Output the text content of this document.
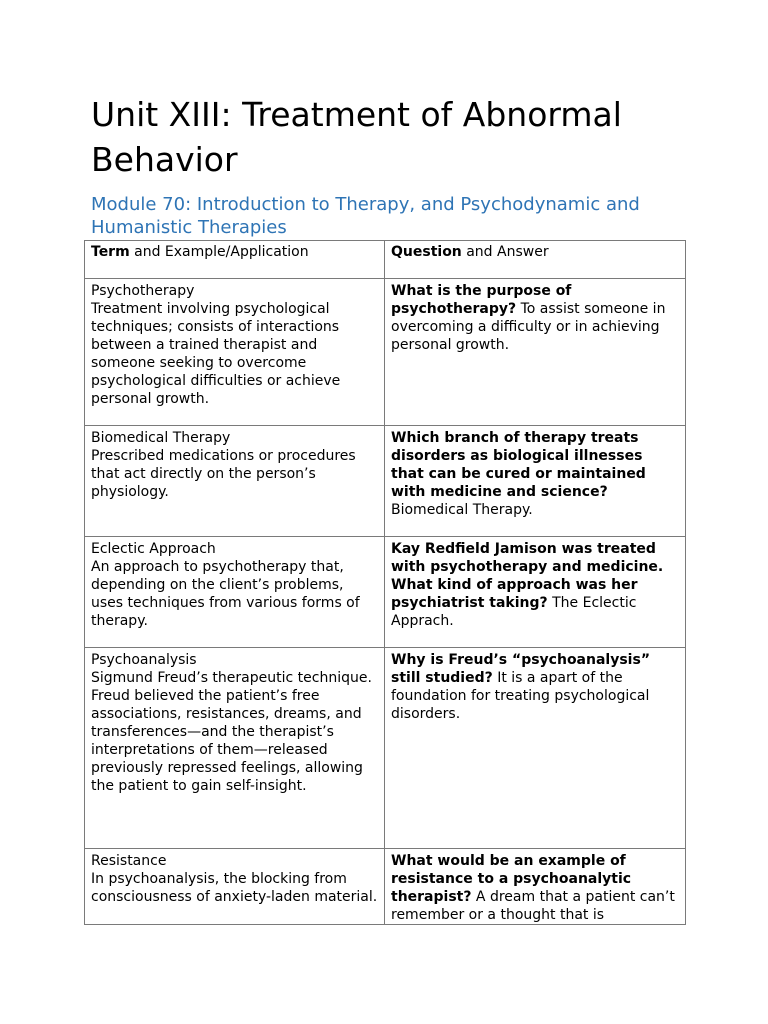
Unit XIII: Treatment of Abnormal Behavior
Module 70: Introduction to Therapy, and Psychodynamic and Humanistic Therapies
Term and Example/Application	Question and Answer

Psychotherapy
Treatment involving psychological techniques; consists of interactions between a trained therapist and someone seeking to overcome psychological difficulties or achieve personal growth.	What is the purpose of psychotherapy? To assist someone in overcoming a difficulty or in achieving personal growth.

Biomedical Therapy
Prescribed medications or procedures that act directly on the person’s physiology.	Which branch of therapy treats disorders as biological illnesses that can be cured or maintained with medicine and science? Biomedical Therapy.

Eclectic Approach
An approach to psychotherapy that, depending on the client’s problems, uses techniques from various forms of therapy.	Kay Redfield Jamison was treated with psychotherapy and medicine. What kind of approach was her psychiatrist taking? The Eclectic Apprach.

Psychoanalysis
Sigmund Freud’s therapeutic technique. Freud believed the patient’s free associations, resistances, dreams, and transferences—and the therapist’s interpretations of them—released previously repressed feelings, allowing the patient to gain self-insight.	Why is Freud’s “psychoanalysis” still studied? It is a apart of the foundation for treating psychological disorders.

Resistance
In psychoanalysis, the blocking from consciousness of anxiety-laden material.	What would be an example of resistance to a psychoanalytic therapist? A dream that a patient can’t remember or a thought that is
